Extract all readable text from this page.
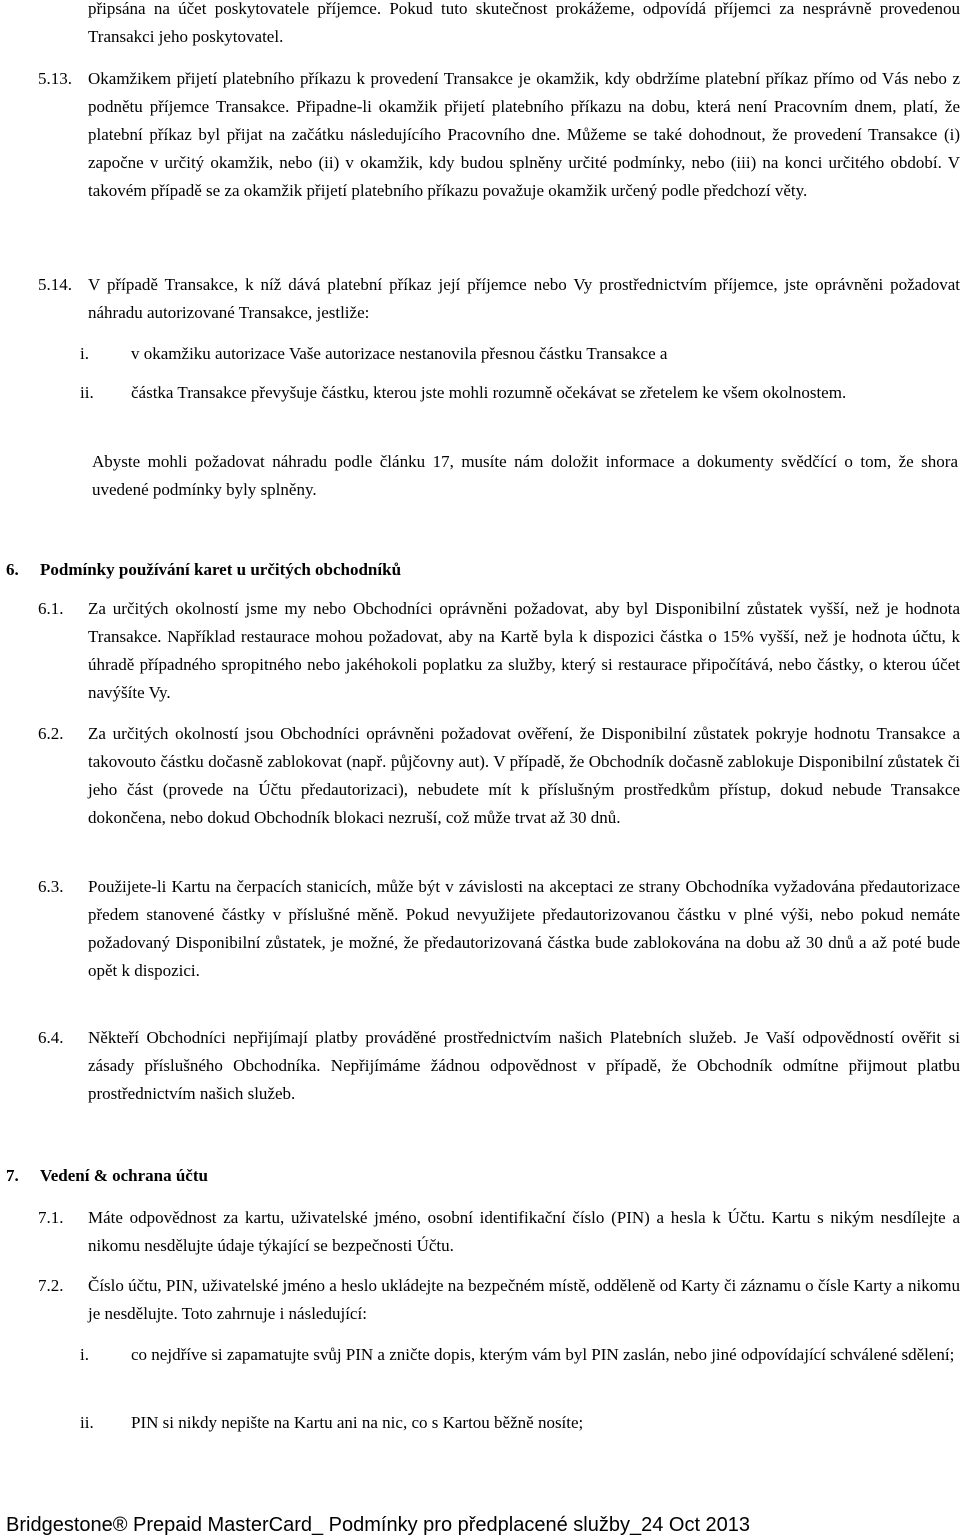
připsána na účet poskytovatele příjemce. Pokud tuto skutečnost prokážeme, odpovídá příjemci za nesprávně provedenou Transakci jeho poskytovatel.
5.13. Okamžikem přijetí platebního příkazu k provedení Transakce je okamžik, kdy obdržíme platební příkaz přímo od Vás nebo z podnětu příjemce Transakce. Připadne-li okamžik přijetí platebního příkazu na dobu, která není Pracovním dnem, platí, že platební příkaz byl přijat na začátku následujícího Pracovního dne. Můžeme se také dohodnout, že provedení Transakce (i) započne v určitý okamžik, nebo (ii) v okamžik, kdy budou splněny určité podmínky, nebo (iii) na konci určitého období. V takovém případě se za okamžik přijetí platebního příkazu považuje okamžik určený podle předchozí věty.
5.14. V případě Transakce, k níž dává platební příkaz její příjemce nebo Vy prostřednictvím příjemce, jste oprávněni požadovat náhradu autorizované Transakce, jestliže:
i. v okamžiku autorizace Vaše autorizace nestanovila přesnou částku Transakce a
ii. částka Transakce převyšuje částku, kterou jste mohli rozumně očekávat se zřetelem ke všem okolnostem.
Abyste mohli požadovat náhradu podle článku 17, musíte nám doložit informace a dokumenty svědčící o tom, že shora uvedené podmínky byly splněny.
6. Podmínky používání karet u určitých obchodníků
6.1. Za určitých okolností jsme my nebo Obchodníci oprávněni požadovat, aby byl Disponibilní zůstatek vyšší, než je hodnota Transakce. Například restaurace mohou požadovat, aby na Kartě byla k dispozici částka o 15% vyšší, než je hodnota účtu, k úhradě případného spropitného nebo jakéhokoli poplatku za služby, který si restaurace připočítává, nebo částky, o kterou účet navýšíte Vy.
6.2. Za určitých okolností jsou Obchodníci oprávněni požadovat ověření, že Disponibilní zůstatek pokryje hodnotu Transakce a takovouto částku dočasně zablokovat (např. půjčovny aut). V případě, že Obchodník dočasně zablokuje Disponibilní zůstatek či jeho část (provede na Účtu předautorizaci), nebudete mít k příslušným prostředkům přístup, dokud nebude Transakce dokončena, nebo dokud Obchodník blokaci nezruší, což může trvat až 30 dnů.
6.3. Použijete-li Kartu na čerpacích stanicích, může být v závislosti na akceptaci ze strany Obchodníka vyžadována předautorizace předem stanovené částky v příslušné měně. Pokud nevyužijete předautorizovanou částku v plné výši, nebo pokud nemáte požadovaný Disponibilní zůstatek, je možné, že předautorizovaná částka bude zablokována na dobu až 30 dnů a až poté bude opět k dispozici.
6.4. Někteří Obchodníci nepřijímají platby prováděné prostřednictvím našich Platebních služeb. Je Vaší odpovědností ověřit si zásady příslušného Obchodníka. Nepřijímáme žádnou odpovědnost v případě, že Obchodník odmítne přijmout platbu prostřednictvím našich služeb.
7. Vedení & ochrana účtu
7.1. Máte odpovědnost za kartu, uživatelské jméno, osobní identifikační číslo (PIN) a hesla k Účtu. Kartu s nikým nesdílejte a nikomu nesdělujte údaje týkající se bezpečnosti Účtu.
7.2. Číslo účtu, PIN, uživatelské jméno a heslo ukládejte na bezpečném místě, odděleně od Karty či záznamu o čísle Karty a nikomu je nesdělujte. Toto zahrnuje i následující:
i. co nejdříve si zapamatujte svůj PIN a zničte dopis, kterým vám byl PIN zaslán, nebo jiné odpovídající schválené sdělení;
ii. PIN si nikdy nepište na Kartu ani na nic, co s Kartou běžně nosíte;
Bridgestone® Prepaid MasterCard_ Podmínky pro předplacené služby_24 Oct 2013
